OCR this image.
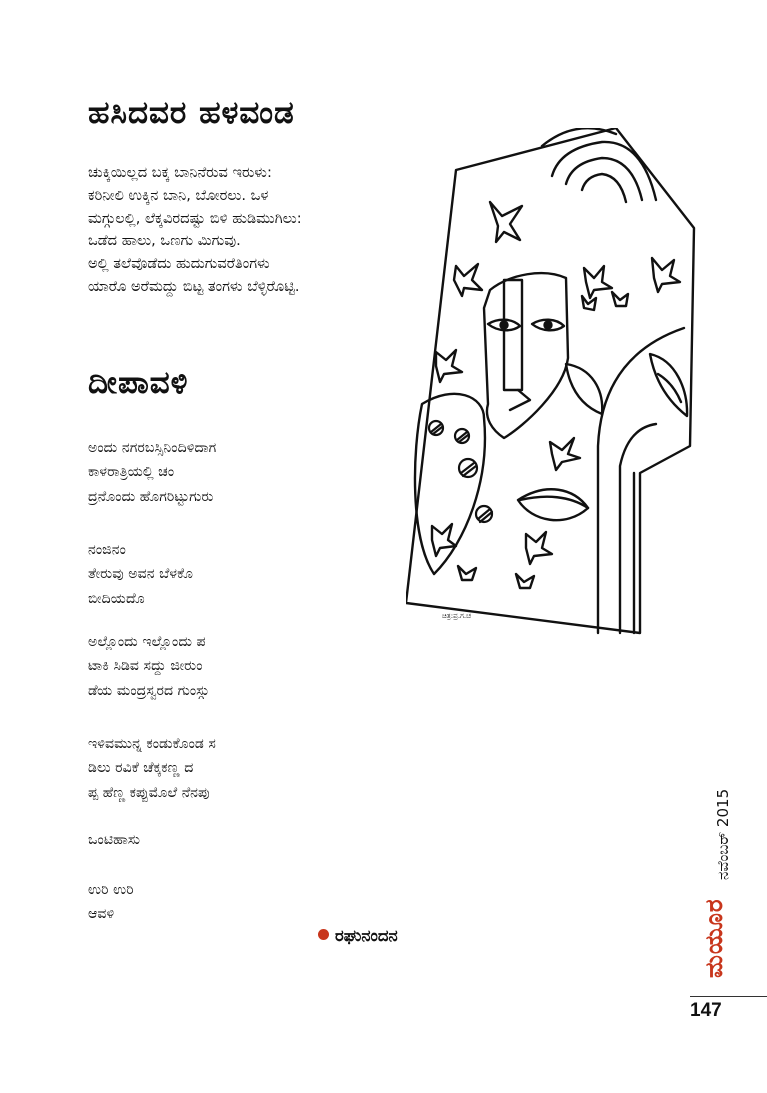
ಹಸಿದವರ ಹಳವಂಡ
ಚುಕ್ಕಿಯಿಲ್ಲದ ಬಕ್ಕ ಬಾನಿನೆರುವ ಇರುಳು:
ಕರಿನೀಲಿ ಉಕ್ಕಿನ ಬಾನಿ, ಬೋರಲು. ಒಳ
ಮಗ್ಗುಲಲ್ಲಿ, ಲೆಕ್ಕವಿರದಷ್ಟು ಬಿಳಿ ಹುಡಿಮುಗಿಲು:
ಒಡೆದ ಹಾಲು, ಒಣಗು ಮಿಗುವು.
ಅಲ್ಲಿ ತಲೆವೊಡೆದು ಹುದುಗುವರೆತಿಂಗಳು
ಯಾರೊ ಅರೆಮದ್ದು ಬಿಟ್ಟ ತಂಗಳು ಬೆಳ್ಳಿರೊಟ್ಟಿ.
ದೀಪಾವಳಿ
ಅಂದು ನಗರಬಸ್ಸಿನಿಂದಿಳಿದಾಗ
ಕಾಳರಾತ್ರಿಯಲ್ಲಿ ಚಂ
ದ್ರನೊಂದು ಹೊಗರಿಟ್ಟುಗುರು
ನಂಜಿನಂ
ತೇರುವು ಅವನ ಬೆಳಕೊ
ಬೀದಿಯದೊ
ಅಲ್ಲೊಂದು ಇಲ್ಲೊಂದು ಪ
ಟಾಕಿ ಸಿಡಿವ ಸದ್ದು ಜೀರುಂ
ಡೆಯ ಮಂದ್ರಸ್ವರದ ಗುಂಸ್ಗು
ಇಳಿವಮುನ್ನ ಕಂಡುಕೊಂಡ ಸ
ಡಿಲು ರವಿಕೆ ಚೆಕ್ಕಕಣ್ಣ ದ
ಪ್ಪ ಹೆಣ್ಣ ಕಪ್ಪುಮೊಲೆ ನೆನಪು
ಒಂಟಿಹಾಸು
ಉರಿ ಉರಿ
ಆವಳಿ
ರಘುನಂದನ
ಚಿತ್ರ:ಪ್ರ.ಗ.ಚ
ನವೆಂಬರ್ 2015
ಮಯೂರ
147
